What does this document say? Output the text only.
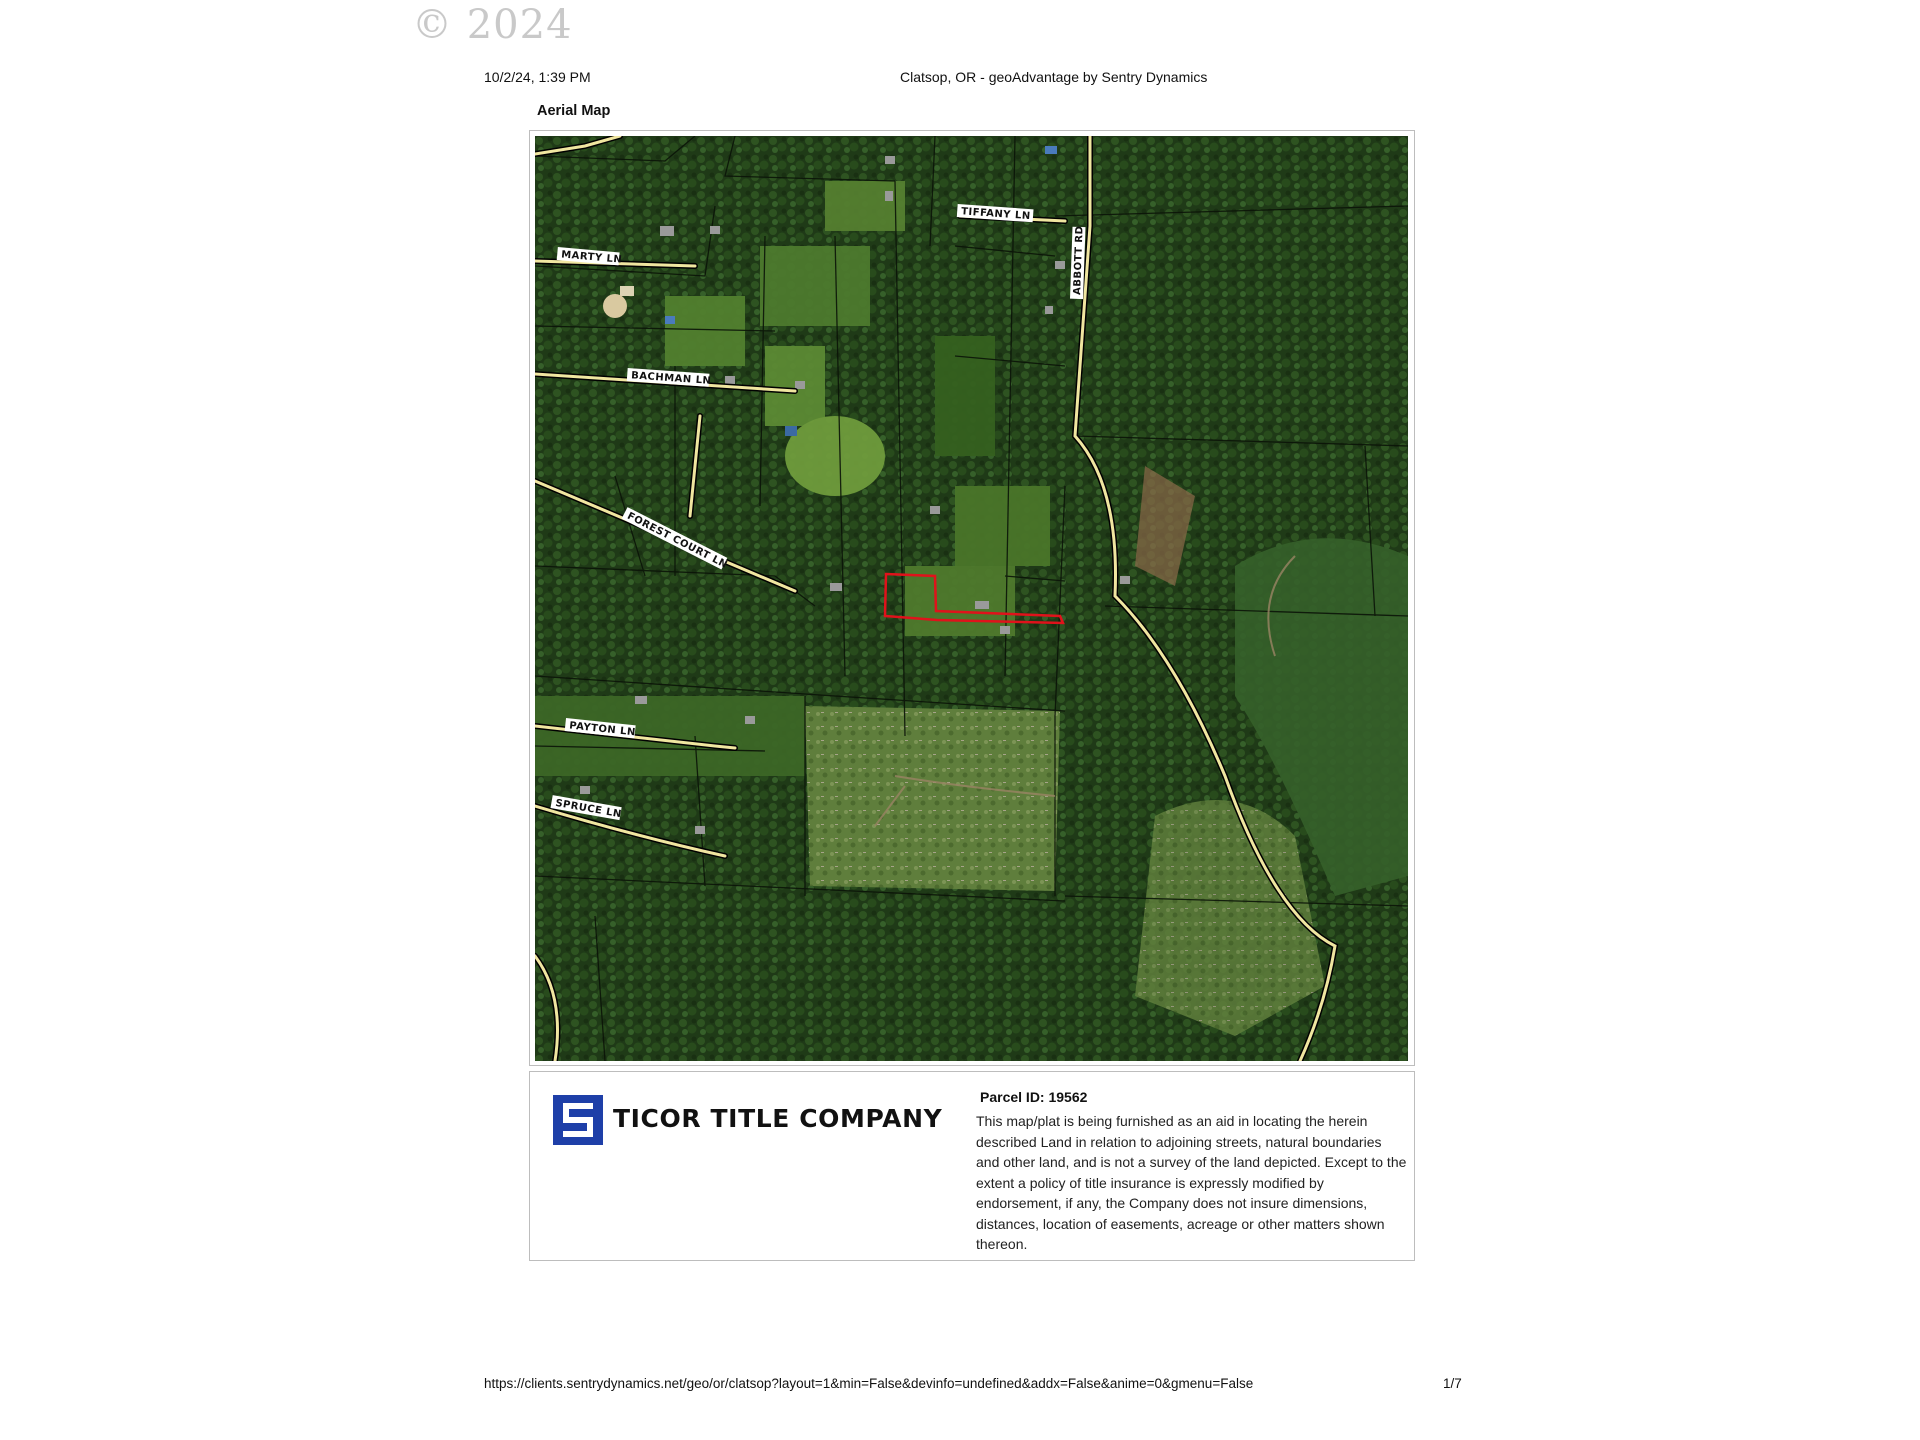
© 2024
10/2/24, 1:39 PM	Clatsop, OR - geoAdvantage by Sentry Dynamics
Aerial Map
TIFFANY LN
MARTY LN	ABBOTT RD
BACHMAN LN
FOREST COURT LN
PAYTON LN
SPRUCE LN
TICOR TITLE COMPANY
Parcel ID: 19562
This map/plat is being furnished as an aid in locating the herein described Land in relation to adjoining streets, natural boundaries and other land, and is not a survey of the land depicted. Except to the extent a policy of title insurance is expressly modified by endorsement, if any, the Company does not insure dimensions, distances, location of easements, acreage or other matters shown thereon.
https://clients.sentrydynamics.net/geo/or/clatsop?layout=1&min=False&devinfo=undefined&addx=False&anime=0&gmenu=False	1/7
